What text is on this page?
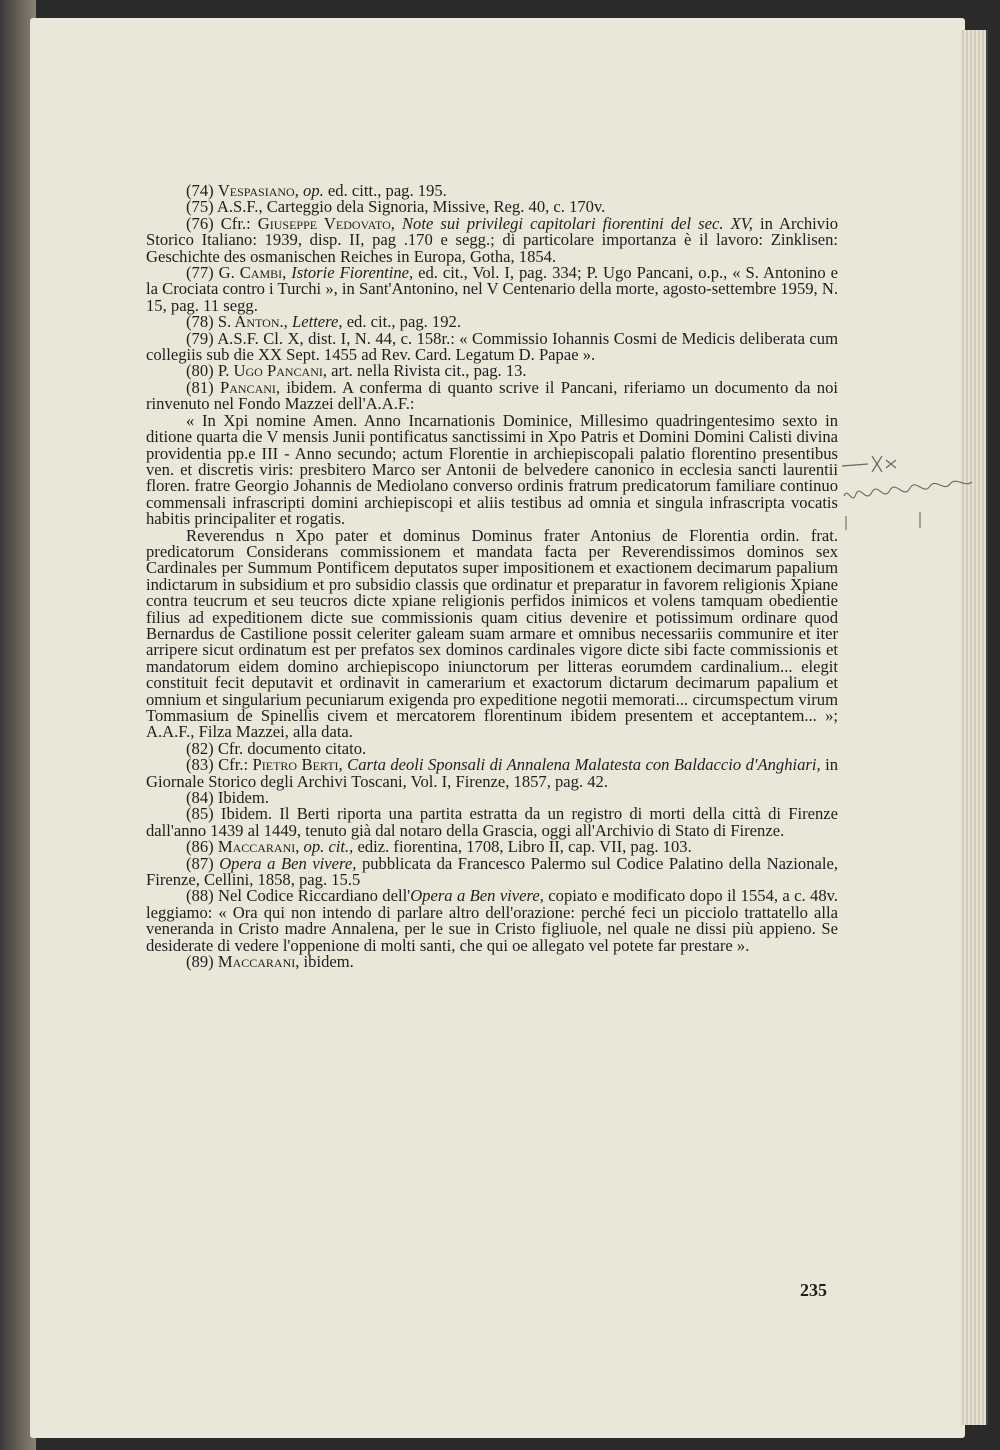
(74) Vespasiano, op. ed. citt., pag. 195.

(75) A.S.F., Carteggio dela Signoria, Missive, Reg. 40, c. 170v.

(76) Cfr.: Giuseppe Vedovato, Note sui privilegi capitolari fiorentini del sec. XV, in Archivio Storico Italiano: 1939, disp. II, pag .170 e segg.; di particolare importanza è il lavoro: Zinklisen: Geschichte des osmanischen Reiches in Europa, Gotha, 1854.

(77) G. Cambi, Istorie Fiorentine, ed. cit., Vol. I, pag. 334; P. Ugo Pancani, o.p., « S. Antonino e la Crociata contro i Turchi », in Sant'Antonino, nel V Centenario della morte, agosto-settembre 1959, N. 15, pag. 11 segg.

(78) S. Anton., Lettere, ed. cit., pag. 192.

(79) A.S.F. Cl. X, dist. I, N. 44, c. 158r.: « Commissio Iohannis Cosmi de Medicis deliberata cum collegiis sub die XX Sept. 1455 ad Rev. Card. Legatum D. Papae ».

(80) P. Ugo Pancani, art. nella Rivista cit., pag. 13.

(81) Pancani, ibidem. A conferma di quanto scrive il Pancani, riferiamo un documento da noi rinvenuto nel Fondo Mazzei dell'A.A.F.:

« In Xpi nomine Amen. Anno Incarnationis Dominice, Millesimo quadringentesimo sexto in ditione quarta die V mensis Junii pontificatus sanctissimi in Xpo Patris et Domini Domini Calisti divina providentia pp.e III - Anno secundo; actum Florentie in archiepiscopali palatio florentino presentibus ven. et discretis viris: presbitero Marco ser Antonii de belvedere canonico in ecclesia sancti laurentii floren. fratre Georgio Johannis de Mediolano converso ordinis fratrum predicatorum familiare continuo commensali infrascripti domini archiepiscopi et aliis testibus ad omnia et singula infrascripta vocatis habitis principaliter et rogatis.

Reverendus n Xpo pater et dominus Dominus frater Antonius de Florentia ordin. frat. predicatorum Considerans commissionem et mandata facta per Reverendissimos dominos sex Cardinales per Summum Pontificem deputatos super impositionem et exactionem decimarum papalium indictarum in subsidium et pro subsidio classis que ordinatur et preparatur in favorem religionis Xpiane contra teucrum et seu teucros dicte xpiane religionis perfidos inimicos et volens tamquam obedientie filius ad expeditionem dicte sue commissionis quam citius devenire et potissimum ordinare quod Bernardus de Castilione possit celeriter galeam suam armare et omnibus necessariis communire et iter arripere sicut ordinatum est per prefatos sex dominos cardinales vigore dicte sibi facte commissionis et mandatorum eidem domino archiepiscopo iniunctorum per litteras eorumdem cardinalium... elegit constituit fecit deputavit et ordinavit in camerarium et exactorum dictarum decimarum papalium et omnium et singularium pecuniarum exigenda pro expeditione negotii memorati... circumspectum virum Tommasium de Spinellis civem et mercatorem florentinum ibidem presentem et acceptantem... »; A.A.F., Filza Mazzei, alla data.

(82) Cfr. documento citato.

(83) Cfr.: Pietro Berti, Carta deoli Sponsali di Annalena Malatesta con Baldaccio d'Anghiari, in Giornale Storico degli Archivi Toscani, Vol. I, Firenze, 1857, pag. 42.

(84) Ibidem.

(85) Ibidem. Il Berti riporta una partita estratta da un registro di morti della città di Firenze dall'anno 1439 al 1449, tenuto già dal notaro della Grascia, oggi all'Archivio di Stato di Firenze.

(86) Maccarani, op. cit., ediz. fiorentina, 1708, Libro II, cap. VII, pag. 103.

(87) Opera a Ben vivere, pubblicata da Francesco Palermo sul Codice Palatino della Nazionale, Firenze, Cellini, 1858, pag. 15.5

(88) Nel Codice Riccardiano dell'Opera a Ben vivere, copiato e modificato dopo il 1554, a c. 48v. leggiamo: « Ora qui non intendo di parlare altro dell'orazione: perché feci un picciolo trattatello alla veneranda in Cristo madre Annalena, per le sue in Cristo figliuole, nel quale ne dissi più appieno. Se desiderate di vedere l'oppenione di molti santi, che qui oe allegato vel potete far prestare ».

(89) Maccarani, ibidem.

235
